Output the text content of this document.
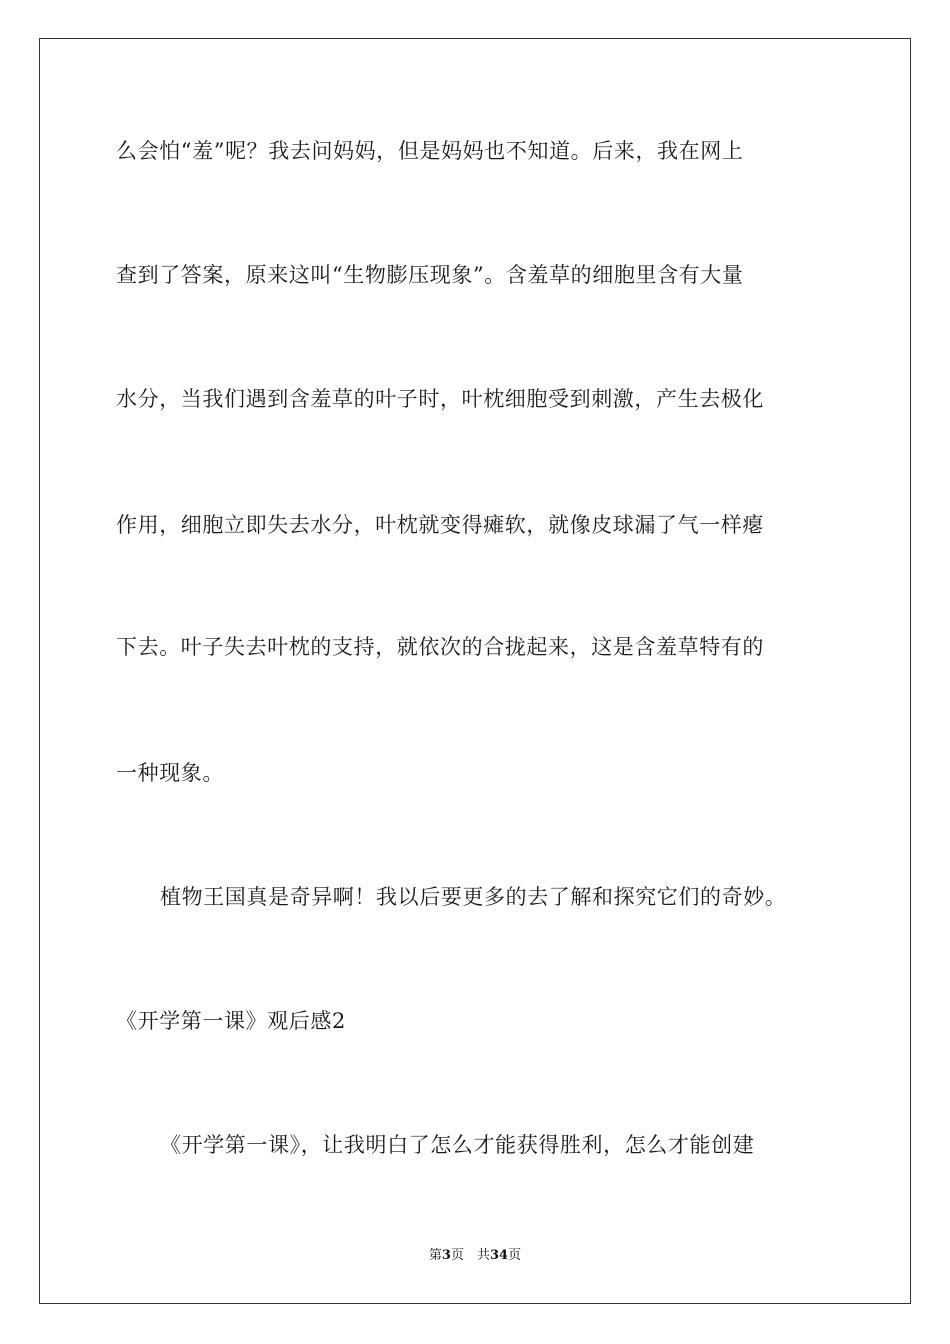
么会怕“羞”呢？我去问妈妈，但是妈妈也不知道。后来，我在网上
查到了答案，原来这叫“生物膨压现象”。含羞草的细胞里含有大量
水分，当我们遇到含羞草的叶子时，叶枕细胞受到刺激，产生去极化
作用，细胞立即失去水分，叶枕就变得瘫软，就像皮球漏了气一样瘪
下去。叶子失去叶枕的支持，就依次的合拢起来，这是含羞草特有的
一种现象。
植物王国真是奇异啊！我以后要更多的去了解和探究它们的奇妙。
《开学第一课》观后感2
《开学第一课》，让我明白了怎么才能获得胜利，怎么才能创建
第3页　共34页
